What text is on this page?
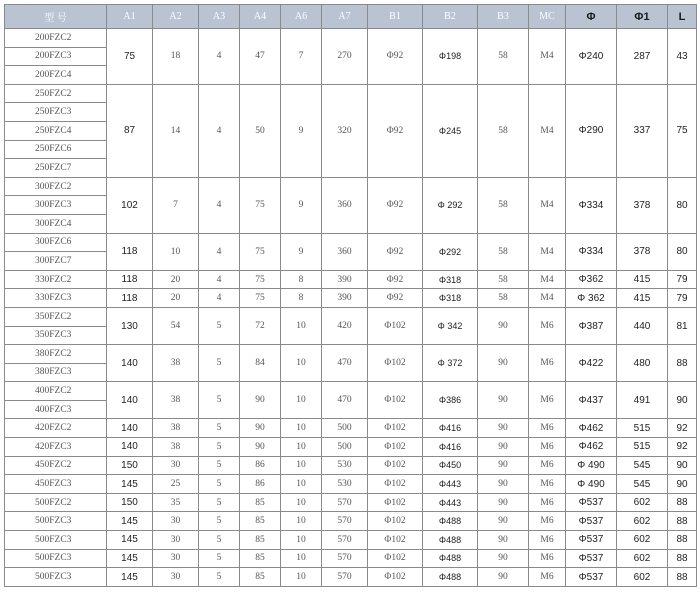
型 号	A1	A2	A3	A4	A6	A7	B1	B2	B3	MC	Φ	Φ1	L
200FZC2	75	18	4	47	7	270	Φ92	Φ198	58	M4	Φ240	287	43
200FZC3													
200FZC4													
250FZC2	87	14	4	50	9	320	Φ92	Φ245	58	M4	Φ290	337	75
250FZC3													
250FZC4													
250FZC6													
250FZC7													
300FZC2	102	7	4	75	9	360	Φ92	Φ 292	58	M4	Φ334	378	80
300FZC3													
300FZC4													
300FZC6	118	10	4	75	9	360	Φ92	Φ292	58	M4	Φ334	378	80
300FZC7													
330FZC2	118	20	4	75	8	390	Φ92	Φ318	58	M4	Φ362	415	79
330FZC3	118	20	4	75	8	390	Φ92	Φ318	58	M4	Φ 362	415	79
350FZC2	130	54	5	72	10	420	Φ102	Φ 342	90	M6	Φ387	440	81
350FZC3													
380FZC2	140	38	5	84	10	470	Φ102	Φ 372	90	M6	Φ422	480	88
380FZC3													
400FZC2	140	38	5	90	10	470	Φ102	Φ386	90	M6	Φ437	491	90
400FZC3													
420FZC2	140	38	5	90	10	500	Φ102	Φ416	90	M6	Φ462	515	92
420FZC3	140	38	5	90	10	500	Φ102	Φ416	90	M6	Φ462	515	92
450FZC2	150	30	5	86	10	530	Φ102	Φ450	90	M6	Φ 490	545	90
450FZC3	145	25	5	86	10	530	Φ102	Φ443	90	M6	Φ 490	545	90
500FZC2	150	35	5	85	10	570	Φ102	Φ443	90	M6	Φ537	602	88
500FZC3	145	30	5	85	10	570	Φ102	Φ488	90	M6	Φ537	602	88
500FZC3	145	30	5	85	10	570	Φ102	Φ488	90	M6	Φ537	602	88
500FZC3	145	30	5	85	10	570	Φ102	Φ488	90	M6	Φ537	602	88
500FZC3	145	30	5	85	10	570	Φ102	Φ488	90	M6	Φ537	602	88
